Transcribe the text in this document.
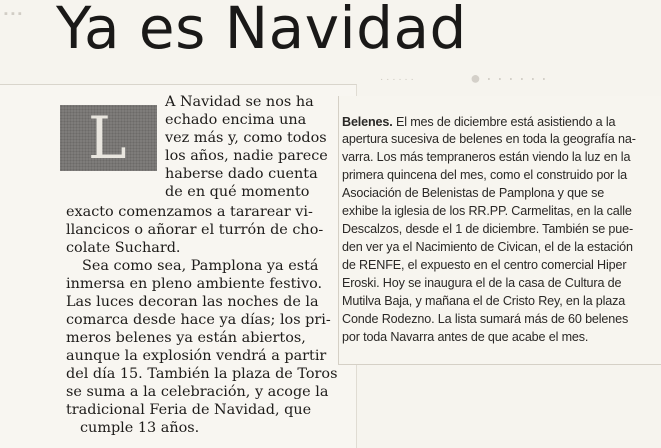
▪ ▪ ▪
· · · · · ·	● · · · · · ·
Ya es Navidad
L
A Navidad se nos ha
echado encima una
vez más y, como todos
los años, nadie parece
haberse dado cuenta
de en qué momento
exacto comenzamos a tararear vi-
llancicos o añorar el turrón de cho-
colate Suchard.
Sea como sea, Pamplona ya está
inmersa en pleno ambiente festivo.
Las luces decoran las noches de la
comarca desde hace ya días; los pri-
meros belenes ya están abiertos,
aunque la explosión vendrá a partir
del día 15. También la plaza de Toros
se suma a la celebración, y acoge la
tradicional Feria de Navidad, que
cumple 13 años.
Belenes. El mes de diciembre está asistiendo a la
apertura sucesiva de belenes en toda la geografía na-
varra. Los más tempraneros están viendo la luz en la
primera quincena del mes, como el construido por la
Asociación de Belenistas de Pamplona y que se
exhibe la iglesia de los RR.PP. Carmelitas, en la calle
Descalzos, desde el 1 de diciembre. También se pue-
den ver ya el Nacimiento de Civican, el de la estación
de RENFE, el expuesto en el centro comercial Hiper
Eroski. Hoy se inaugura el de la casa de Cultura de
Mutilva Baja, y mañana el de Cristo Rey, en la plaza
Conde Rodezno. La lista sumará más de 60 belenes
por toda Navarra antes de que acabe el mes.
